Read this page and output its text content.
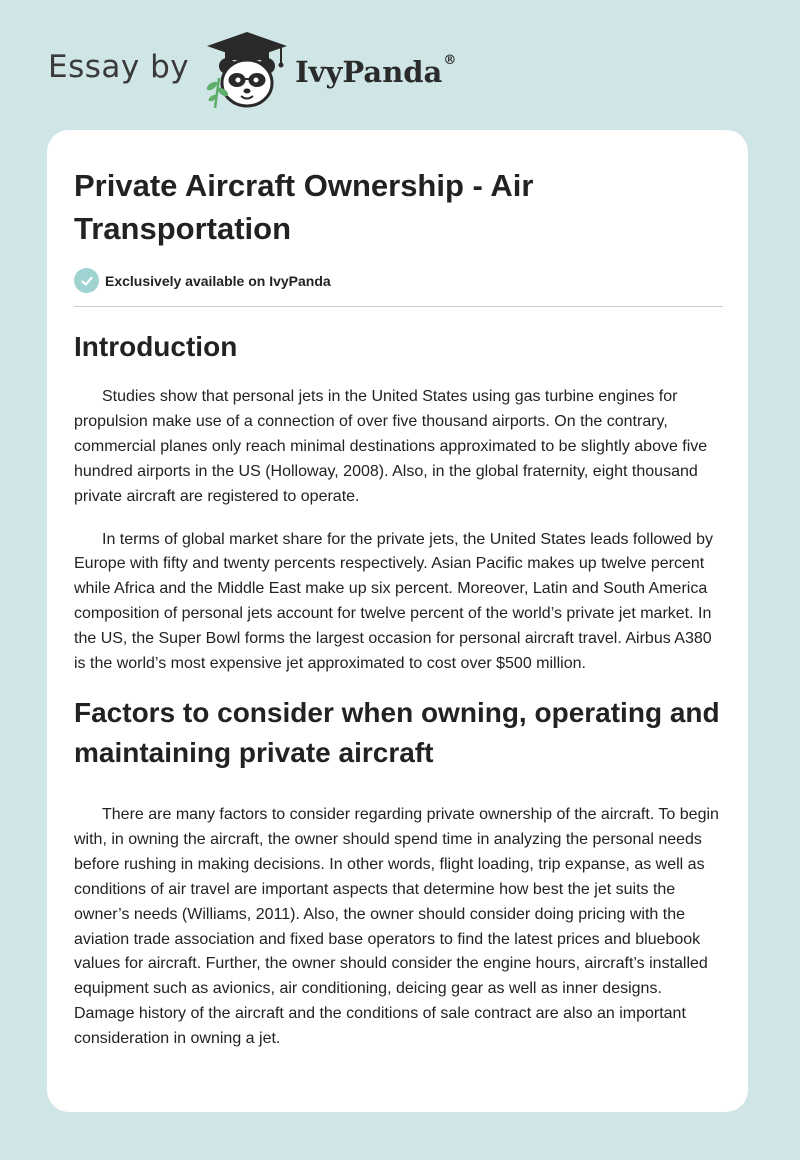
Essay by	IvyPanda®
Private Aircraft Ownership - Air Transportation
Exclusively available on IvyPanda
Introduction

Studies show that personal jets in the United States using gas turbine engines for propulsion make use of a connection of over five thousand airports. On the contrary, commercial planes only reach minimal destinations approximated to be slightly above five hundred airports in the US (Holloway, 2008). Also, in the global fraternity, eight thousand private aircraft are registered to operate.

In terms of global market share for the private jets, the United States leads followed by Europe with fifty and twenty percents respectively. Asian Pacific makes up twelve percent while Africa and the Middle East make up six percent. Moreover, Latin and South America composition of personal jets account for twelve percent of the world’s private jet market. In the US, the Super Bowl forms the largest occasion for personal aircraft travel. Airbus A380 is the world’s most expensive jet approximated to cost over $500 million.

Factors to consider when owning, operating and maintaining private aircraft

There are many factors to consider regarding private ownership of the aircraft. To begin with, in owning the aircraft, the owner should spend time in analyzing the personal needs before rushing in making decisions. In other words, flight loading, trip expanse, as well as conditions of air travel are important aspects that determine how best the jet suits the owner’s needs (Williams, 2011). Also, the owner should consider doing pricing with the aviation trade association and fixed base operators to find the latest prices and bluebook values for aircraft. Further, the owner should consider the engine hours, aircraft’s installed equipment such as avionics, air conditioning, deicing gear as well as inner designs. Damage history of the aircraft and the conditions of sale contract are also an important consideration in owning a jet.
